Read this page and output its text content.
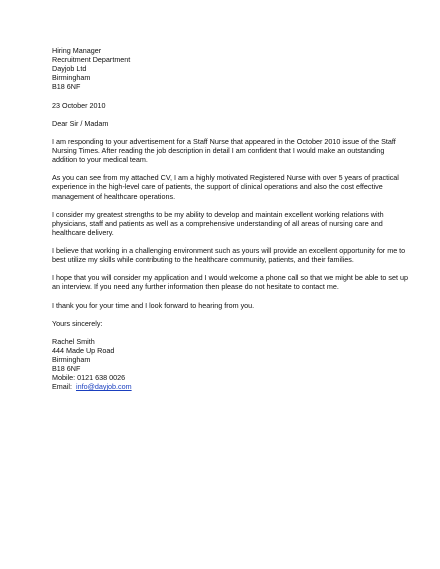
Hiring Manager
Recruitment Department
Dayjob Ltd
Birmingham
B18 6NF
23 October 2010
Dear Sir / Madam

I am responding to your advertisement for a Staff Nurse that appeared in the October 2010 issue of the Staff Nursing Times. After reading the job description in detail I am confident that I would make an outstanding addition to your medical team.

As you can see from my attached CV, I am a highly motivated Registered Nurse with over 5 years of practical experience in the high-level care of patients, the support of clinical operations and also the cost effective management of healthcare operations.

I consider my greatest strengths to be my ability to develop and maintain excellent working relations with physicians, staff and patients as well as a comprehensive understanding of all areas of nursing care and healthcare delivery.

I believe that working in a challenging environment such as yours will provide an excellent opportunity for me to best utilize my skills while contributing to the healthcare community, patients, and their families.

I hope that you will consider my application and I would welcome a phone call so that we might be able to set up an interview. If you need any further information then please do not hesitate to contact me.

I thank you for your time and I look forward to hearing from you.

Yours sincerely:
Rachel Smith
444 Made Up Road
Birmingham
B18 6NF
Mobile: 0121 638 0026
Email: info@dayjob.com
